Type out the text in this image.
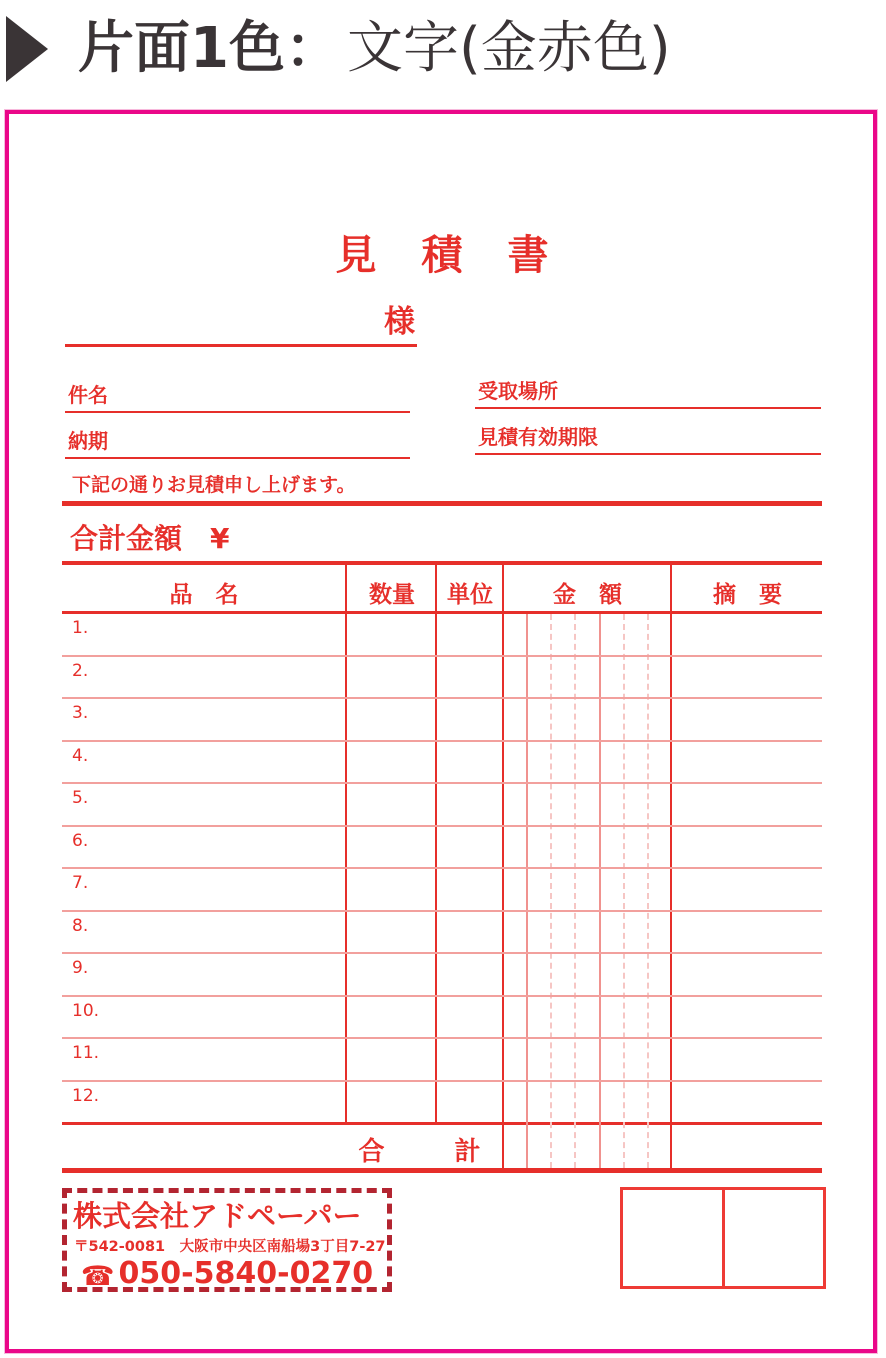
片面1色： 文字(金赤色)
見　積　書
様
件名	受取場所
納期	見積有効期限
下記の通りお見積申し上げます。
合計金額　¥
品　名	数量	単位	金　額	摘　要
1.
2.
3.
4.
5.
6.
7.
8.
9.
10.
11.
12.
合　計
株式会社アドペーパー
〒542-0081　大阪市中央区南船場3丁目7-27
☎ 050-5840-0270
